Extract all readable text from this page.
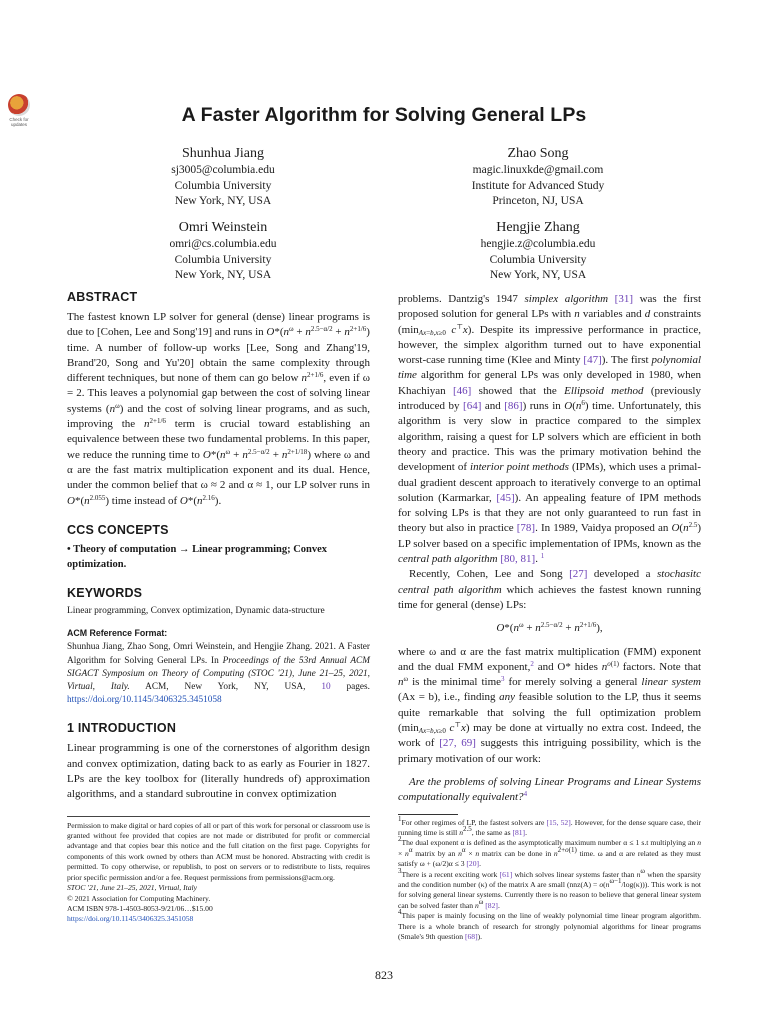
Check for updates	A Faster Algorithm for Solving General LPs
Shunhua Jiang
sj3005@columbia.edu
Columbia University
New York, NY, USA
Zhao Song
magic.linuxkde@gmail.com
Institute for Advanced Study
Princeton, NJ, USA
Omri Weinstein
omri@cs.columbia.edu
Columbia University
New York, NY, USA
Hengjie Zhang
hengjie.z@columbia.edu
Columbia University
New York, NY, USA
ABSTRACT
The fastest known LP solver for general (dense) linear programs is due to [Cohen, Lee and Song'19] and runs in $O*(n^\omega + n^{2.5-\alpha/2} + n^{2+1/6})$ time. A number of follow-up works [Lee, Song and Zhang'19, Brand'20, Song and Yu'20] obtain the same complexity through different techniques, but none of them can go below $n^{2+1/6}$, even if ω = 2. This leaves a polynomial gap between the cost of solving linear systems $(n^\omega)$ and the cost of solving linear programs, and as such, improving the $n^{2+1/6}$ term is crucial toward establishing an equivalence between these two fundamental problems. In this paper, we reduce the running time to $O*(n^\omega + n^{2.5-\alpha/2} + n^{2+1/18})$ where ω and α are the fast matrix multiplication exponent and its dual. Hence, under the common belief that ω ≈ 2 and α ≈ 1, our LP solver runs in $O*(n^{2.055})$ time instead of $O*(n^{2.16})$.
CCS CONCEPTS
• Theory of computation → Linear programming; Convex optimization.
KEYWORDS
Linear programming, Convex optimization, Dynamic data-structure
ACM Reference Format:
Shunhua Jiang, Zhao Song, Omri Weinstein, and Hengjie Zhang. 2021. A Faster Algorithm for Solving General LPs. In Proceedings of the 53rd Annual ACM SIGACT Symposium on Theory of Computing (STOC '21), June 21–25, 2021, Virtual, Italy. ACM, New York, NY, USA, 10 pages. https://doi.org/10.1145/3406325.3451058
1 INTRODUCTION
Linear programming is one of the cornerstones of algorithm design and convex optimization, dating back to as early as Fourier in 1827. LPs are the key toolbox for (literally hundreds of) approximation algorithms, and a standard subroutine in convex optimization
Permission to make digital or hard copies of all or part of this work for personal or classroom use is granted without fee provided that copies are not made or distributed for profit or commercial advantage and that copies bear this notice and the full citation on the first page. Copyrights for components of this work owned by others than ACM must be honored. Abstracting with credit is permitted. To copy otherwise, or republish, to post on servers or to redistribute to lists, requires prior specific permission and/or a fee. Request permissions from permissions@acm.org.
STOC '21, June 21–25, 2021, Virtual, Italy
© 2021 Association for Computing Machinery.
ACM ISBN 978-1-4503-8053-9/21/06…$15.00
https://doi.org/10.1145/3406325.3451058
problems. Dantzig's 1947 simplex algorithm [31] was the first proposed solution for general LPs with n variables and d constraints ($\min_{Ax=b,x\ge 0}$ c⊤x). Despite its impressive performance in practice, however, the simplex algorithm turned out to have exponential worst-case running time (Klee and Minty [47]). The first polynomial time algorithm for general LPs was only developed in 1980, when Khachiyan [46] showed that the Ellipsoid method (previously introduced by [64] and [86]) runs in $O(n^6)$ time. Unfortunately, this algorithm is very slow in practice compared to the simplex algorithm, raising a quest for LP solvers which are efficient in both theory and practice. This was the primary motivation behind the development of interior point methods (IPMs), which uses a primal-dual gradient descent approach to iteratively converge to an optimal solution (Karmarkar, [45]). An appealing feature of IPM methods for solving LPs is that they are not only guaranteed to run fast in theory but also in practice [78]. In 1989, Vaidya proposed an $O(n^{2.5})$ LP solver based on a specific implementation of IPMs, known as the central path algorithm [80, 81]. $^1$
Recently, Cohen, Lee and Song [27] developed a stochasitc central path algorithm which achieves the fastest known running time for general (dense) LPs:
$O*(n^\omega + n^{2.5-\alpha/2} + n^{2+1/6})$,
where ω and α are the fast matrix multiplication (FMM) exponent and the dual FMM exponent,$^2$ and O* hides $n^{o(1)}$ factors. Note that $n^\omega$ is the minimal time$^3$ for merely solving a general linear system (Ax = b), i.e., finding any feasible solution to the LP, thus it seems quite remarkable that solving the full optimization problem ($\min_{Ax=b,x\ge 0}$ c⊤x) may be done at virtually no extra cost. Indeed, the work of [27, 69] suggests this intriguing possibility, which is the primary motivation of our work:
Are the problems of solving Linear Programs and Linear Systems computationally equivalent?$^4$
$^1$For other regimes of LP, the fastest solvers are [15, 52]. However, for the dense square case, their running time is still $n^{2.5}$, the same as [81].
$^2$The dual exponent α is defined as the asymptotically maximum number α ≤ 1 s.t multiplying an $n \times n^\alpha$ matrix by an $n^\alpha \times n$ matrix can be done in $n^{2+o(1)}$ time. ω and α are related as they must satisfy ω + (ω/2)α ≤ 3 [20].
$^3$There is a recent exciting work [61] which solves linear systems faster than $n^\omega$ when the sparsity and the condition number (κ) of the matrix A are small $(nnz(A) = o(n^{\omega-1}/\log(\kappa)))$. This work is not for solving general linear systems. Currently there is no reason to believe that general linear system can be solved faster than $n^\omega$ [82].
$^4$This paper is mainly focusing on the line of weakly polynomial time linear program algorithm. There is a whole branch of research for strongly polynomial algorithms for linear programs (Smale's 9th question [68]).
823
